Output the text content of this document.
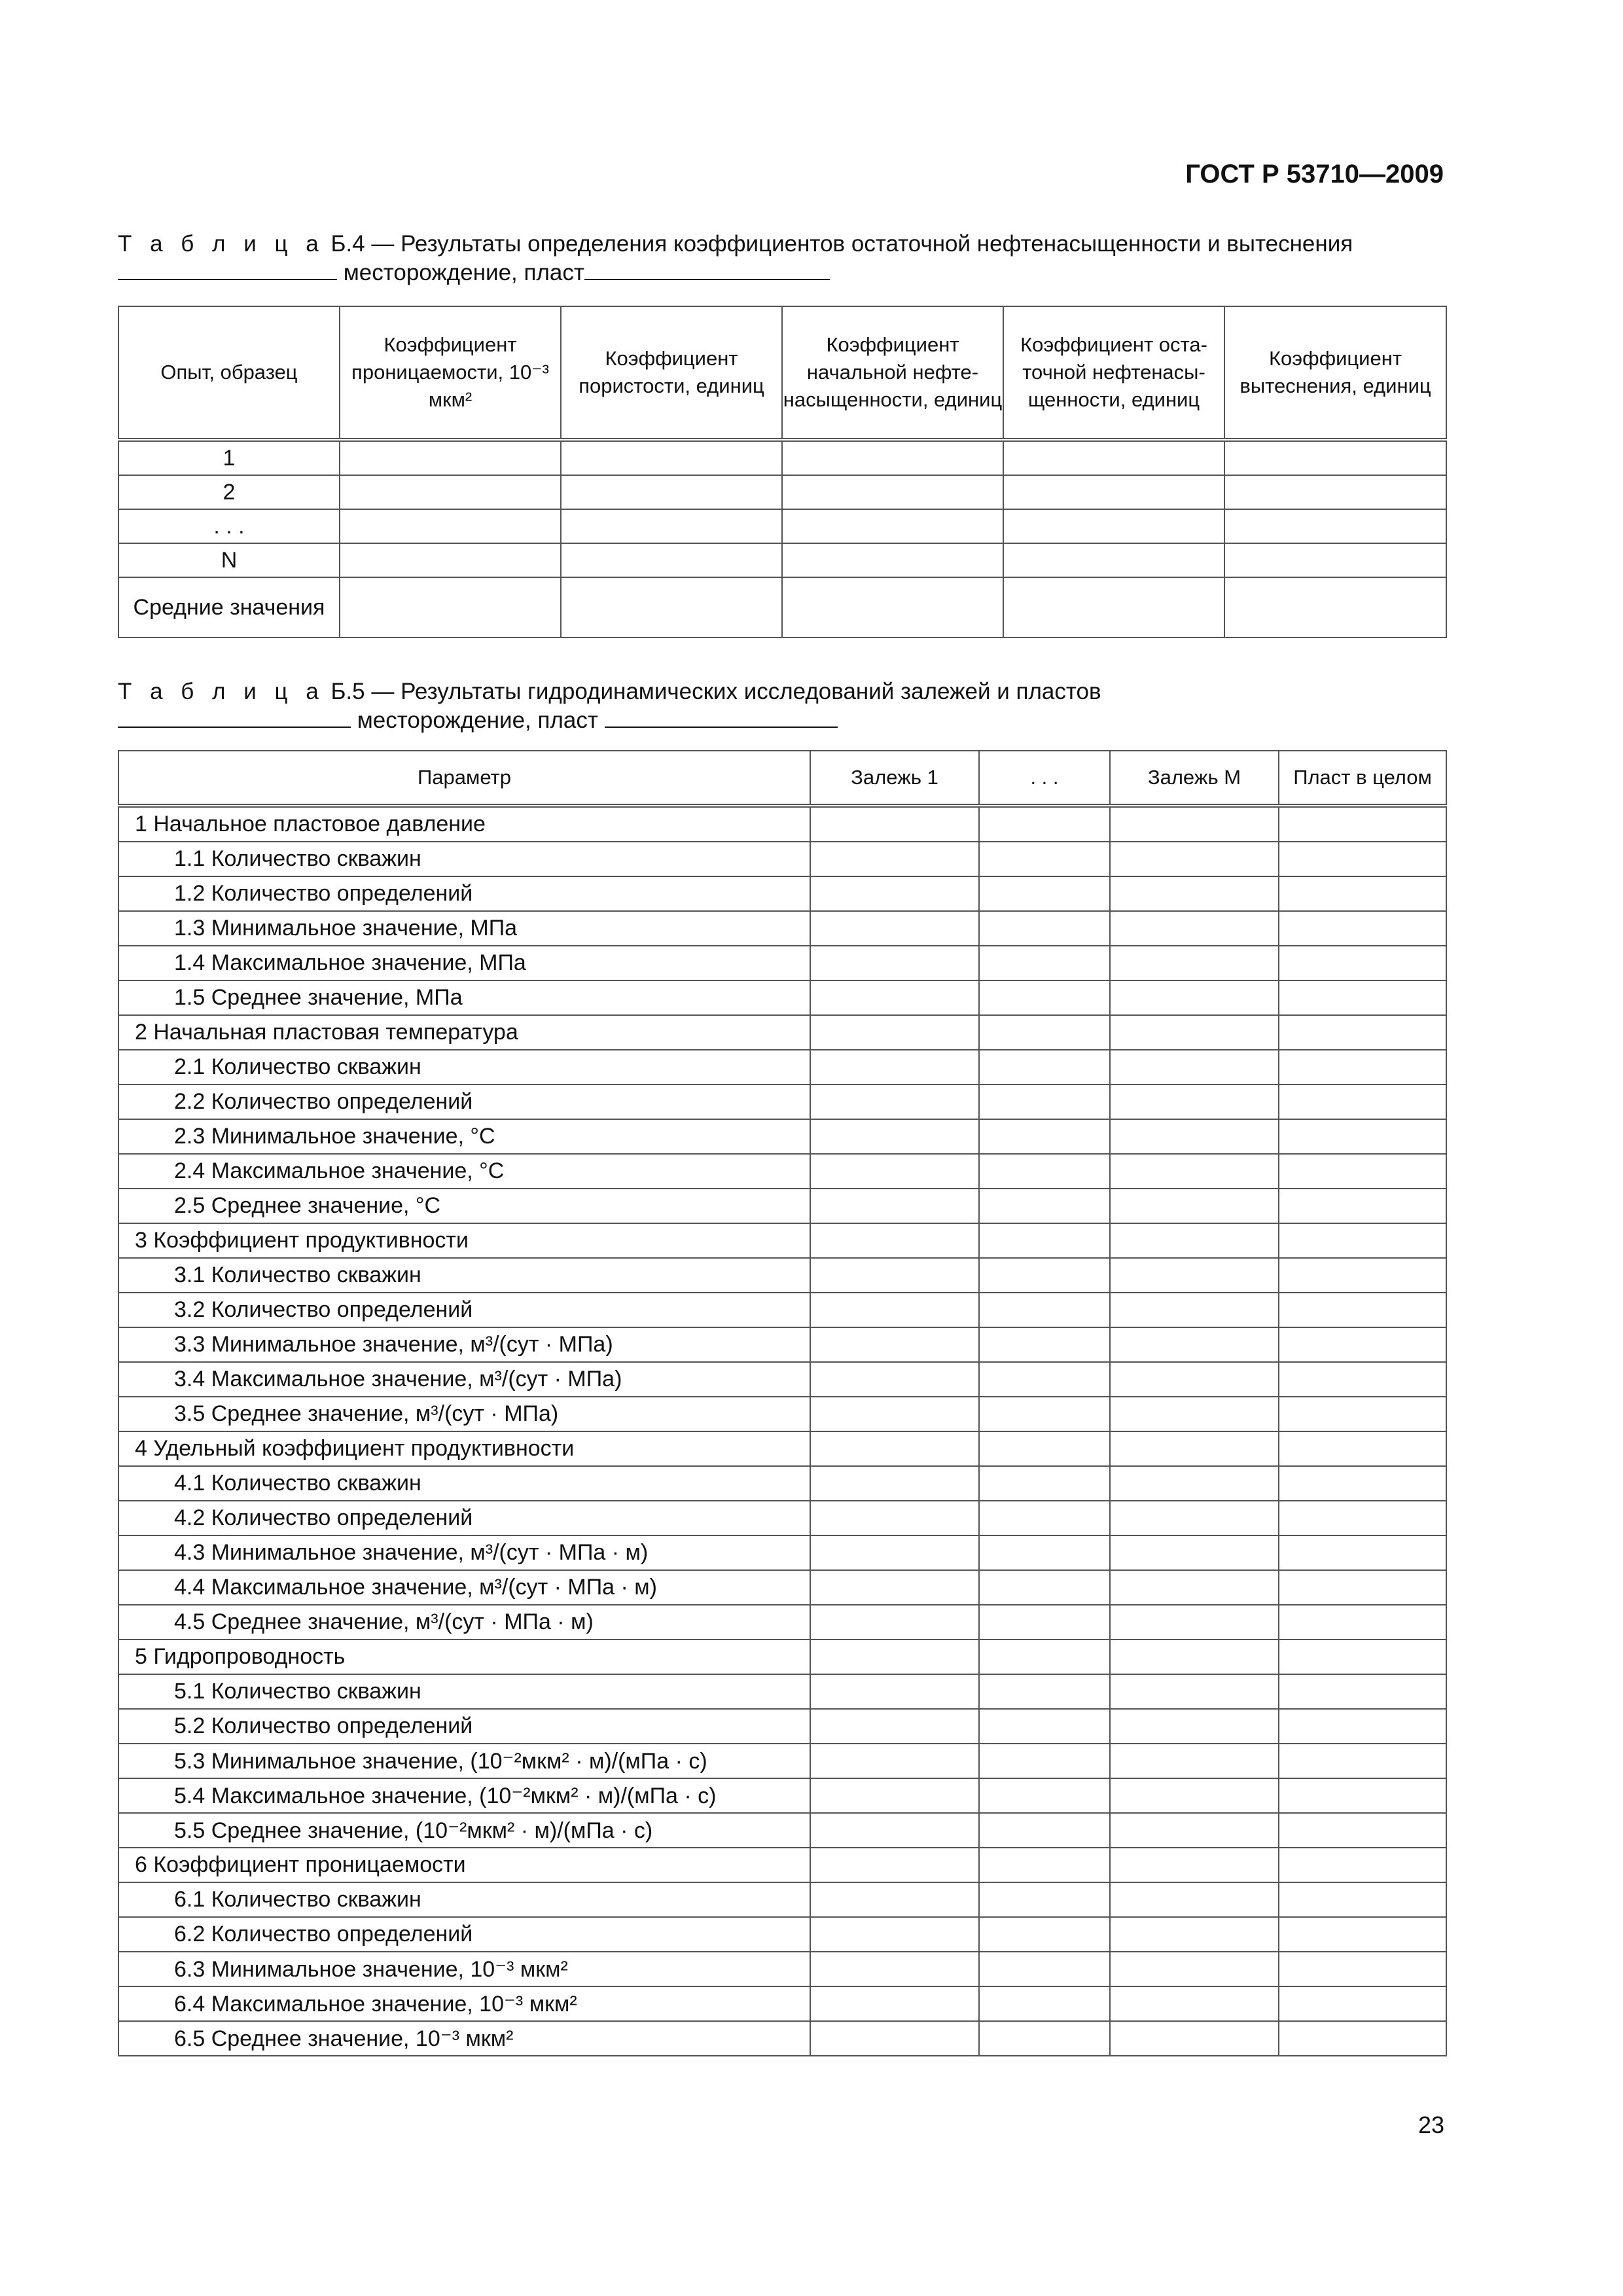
ГОСТ Р 53710—2009
Т а б л и ц а Б.4 — Результаты определения коэффициентов остаточной нефтенасыщенности и вытеснения
месторождение, пласт
Опыт, образец	Коэффициент проницаемости, 10⁻³ мкм²	Коэффициент пористости, единиц	Коэффициент начальной нефтенасыщенности, единиц	Коэффициент остаточной нефтенасыщенности, единиц	Коэффициент вытеснения, единиц
1					
2					
. . .					
N					
Средние значения					
Т а б л и ц а Б.5 — Результаты гидродинамических исследований залежей и пластов
месторождение, пласт
Параметр	Залежь 1	. . .	Залежь М	Пласт в целом
1 Начальное пластовое давление				
1.1 Количество скважин				
1.2 Количество определений				
1.3 Минимальное значение, МПа				
1.4 Максимальное значение, МПа				
1.5 Среднее значение, МПа				
2 Начальная пластовая температура				
2.1 Количество скважин				
2.2 Количество определений				
2.3 Минимальное значение, °С				
2.4 Максимальное значение, °С				
2.5 Среднее значение, °С				
3 Коэффициент продуктивности				
3.1 Количество скважин				
3.2 Количество определений				
3.3 Минимальное значение, м³/(сут · МПа)				
3.4 Максимальное значение, м³/(сут · МПа)				
3.5 Среднее значение, м³/(сут · МПа)				
4 Удельный коэффициент продуктивности				
4.1 Количество скважин				
4.2 Количество определений				
4.3 Минимальное значение, м³/(сут · МПа · м)				
4.4 Максимальное значение, м³/(сут · МПа · м)				
4.5 Среднее значение, м³/(сут · МПа · м)				
5 Гидропроводность				
5.1 Количество скважин				
5.2 Количество определений				
5.3 Минимальное значение, (10⁻²мкм² · м)/(мПа · с)				
5.4 Максимальное значение, (10⁻²мкм² · м)/(мПа · с)				
5.5 Среднее значение, (10⁻²мкм² · м)/(мПа · с)				
6 Коэффициент проницаемости				
6.1 Количество скважин				
6.2 Количество определений				
6.3 Минимальное значение, 10⁻³ мкм²				
6.4 Максимальное значение, 10⁻³ мкм²				
6.5 Среднее значение, 10⁻³ мкм²				
23
